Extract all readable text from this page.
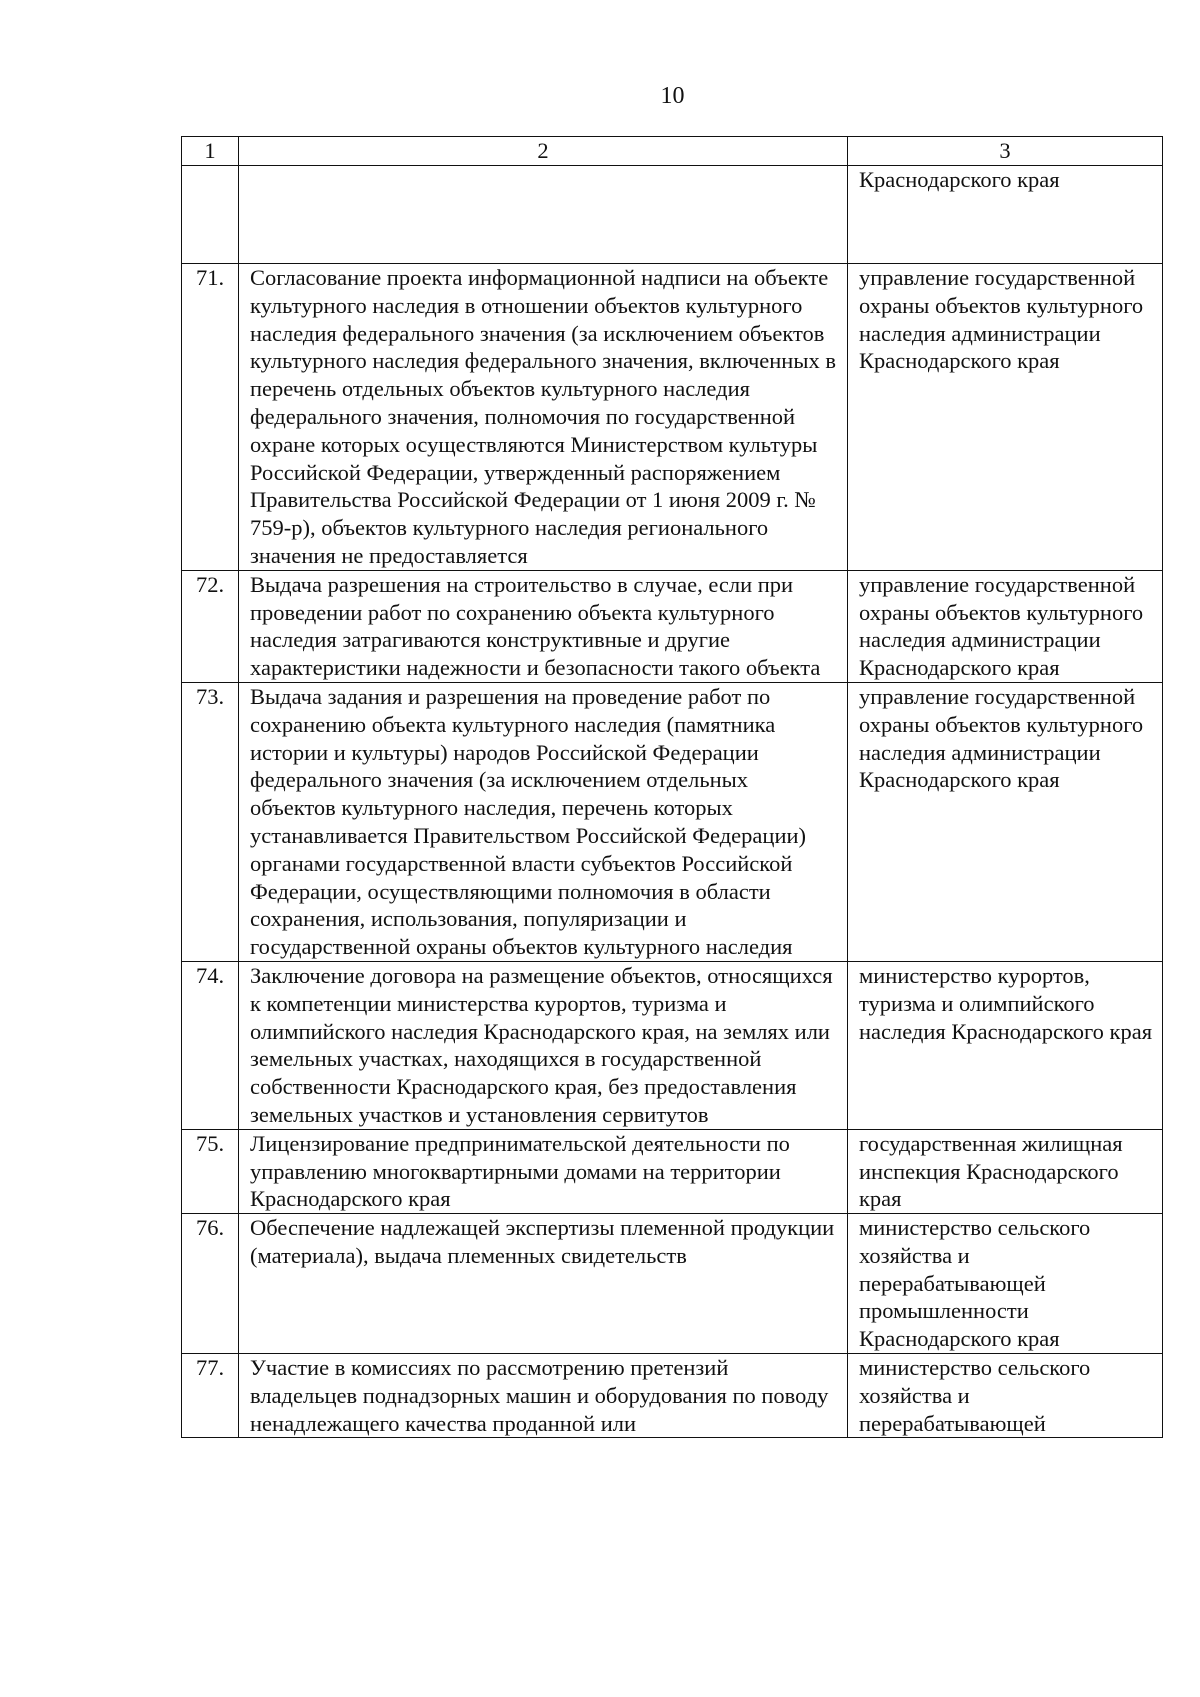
10
1	2	3
		Краснодарского края
71.	Согласование проекта информационной надписи на объекте культурного наследия в отношении объектов культурного наследия федерального значения (за исключением объектов культурного наследия федерального значения, включенных в перечень отдельных объектов культурного наследия федерального значения, полномочия по государственной охране которых осуществляются Министерством культуры Российской Федерации, утвержденный распоряжением Правительства Российской Федерации от 1 июня 2009 г. № 759-р), объектов культурного наследия регионального значения не предоставляется	управление государственной охраны объектов культурного наследия администрации Краснодарского края
72.	Выдача разрешения на строительство в случае, если при проведении работ по сохранению объекта культурного наследия затрагиваются конструктивные и другие характеристики надежности и безопасности такого объекта	управление государственной охраны объектов культурного наследия администрации Краснодарского края
73.	Выдача задания и разрешения на проведение работ по сохранению объекта культурного наследия (памятника истории и культуры) народов Российской Федерации федерального значения (за исключением отдельных объектов культурного наследия, перечень которых устанавливается Правительством Российской Федерации) органами государственной власти субъектов Российской Федерации, осуществляющими полномочия в области сохранения, использования, популяризации и государственной охраны объектов культурного наследия	управление государственной охраны объектов культурного наследия администрации Краснодарского края
74.	Заключение договора на размещение объектов, относящихся к компетенции министерства курортов, туризма и олимпийского наследия Краснодарского края, на землях или земельных участках, находящихся в государственной собственности Краснодарского края, без предоставления земельных участков и установления сервитутов	министерство курортов, туризма и олимпийского наследия Краснодарского края
75.	Лицензирование предпринимательской деятельности по управлению многоквартирными домами на территории Краснодарского края	государственная жилищная инспекция Краснодарского края
76.	Обеспечение надлежащей экспертизы племенной продукции (материала), выдача племенных свидетельств	министерство сельского хозяйства и перерабатывающей промышленности Краснодарского края
77.	Участие в комиссиях по рассмотрению претензий владельцев поднадзорных машин и оборудования по поводу ненадлежащего качества проданной или	министерство сельского хозяйства и перерабатывающей
